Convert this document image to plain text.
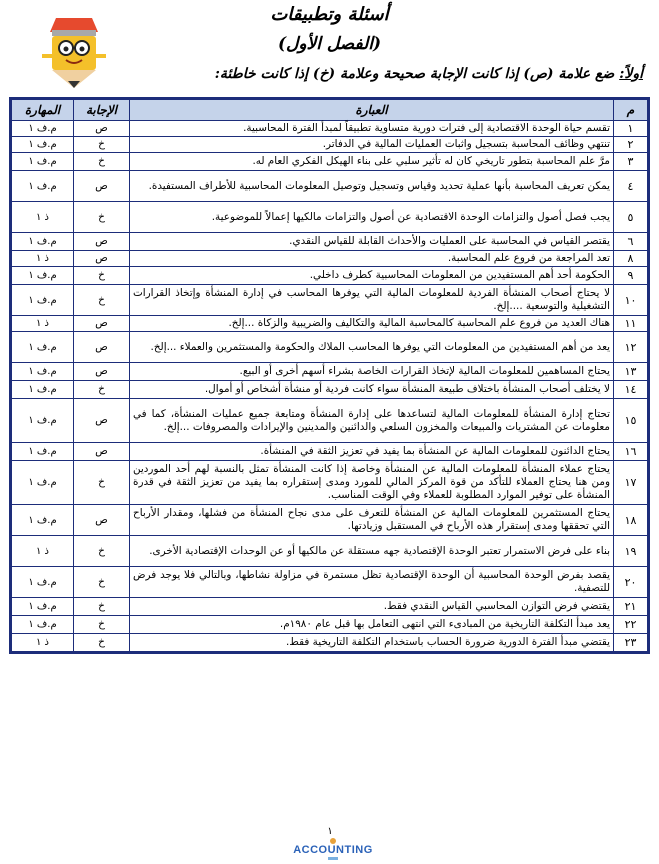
أسئلة وتطبيقات
(الفصل الأول)
أولاً: ضع علامة (ص) إذا كانت الإجابة صحيحة وعلامة (خ) إذا كانت خاطئة:
م	العبارة	الإجابة	المهارة
١	تقسم حياة الوحدة الاقتصادية إلى فترات دورية متساوية تطبيقاً لمبدأ الفترة المحاسبية.	ص	م.ف ١
٢	تنتهي وظائف المحاسبة بتسجيل واثبات العمليات المالية في الدفاتر.	خ	م.ف ١
٣	مرَّ علم المحاسبة بتطور تاريخي كان له تأثير سلبي على بناء الهيكل الفكري العام له.	خ	م.ف ١
٤	يمكن تعريف المحاسبة بأنها عملية تحديد وقياس وتسجيل وتوصيل المعلومات المحاسبية للأطراف المستفيدة.	ص	م.ف ١
٥	يجب فصل أصول والتزامات الوحدة الاقتصادية عن أصول والتزامات مالكيها إعمالاً للموضوعية.	خ	ذ ١
٦	يقتصر القياس في المحاسبة على العمليات والأحداث القابلة للقياس النقدي.	ص	م.ف ١
٨	تعد المراجعة من فروع علم المحاسبة.	ص	ذ ١
٩	الحكومة أحد أهم المستفيدين من المعلومات المحاسبية كطرف داخلي.	خ	م.ف ١
١٠	لا يحتاج أصحاب المنشأة الفردية للمعلومات المالية التي يوفرها المحاسب في إدارة المنشأة وإتخاذ القرارات التشغيلية والتوسعية ....إلخ.	خ	م.ف ١
١١	هناك العديد من فروع علم المحاسبة كالمحاسبة المالية والتكاليف والضريبية والزكاة ...إلخ.	ص	ذ ١
١٢	يعد من أهم المستفيدين من المعلومات التي يوفرها المحاسب الملاك والحكومة والمستثمرين والعملاء ...إلخ.	ص	م.ف ١
١٣	يحتاج المساهمين للمعلومات المالية لإتخاذ القرارات الخاصة بشراء أسهم أخرى أو البيع.	ص	م.ف ١
١٤	لا يختلف أصحاب المنشأة باختلاف طبيعة المنشأة سواء كانت فردية أو منشأة أشخاص أو أموال.	خ	م.ف ١
١٥	تحتاج إدارة المنشأة للمعلومات المالية لتساعدها على إدارة المنشأة ومتابعة جميع عمليات المنشأة، كما في معلومات عن المشتريات والمبيعات والمخزون السلعي والدائنين والمدينين والإيرادات والمصروفات ...إلخ.	ص	م.ف ١
١٦	يحتاج الدائنون للمعلومات المالية عن المنشأة بما يفيد في تعزيز الثقة في المنشأة.	ص	م.ف ١
١٧	يحتاج عملاء المنشأة للمعلومات المالية عن المنشأة وخاصة إذا كانت المنشأة تمثل بالنسبة لهم أحد الموردين ومن هنا يحتاج العملاء للتأكد من قوة المركز المالي للمورد ومدى إستقراره بما يفيد من تعزيز الثقة في قدرة المنشأة على توفير الموارد المطلوبة للعملاء وفي الوقت المناسب.	خ	م.ف ١
١٨	يحتاج المستثمرين للمعلومات المالية عن المنشأة للتعرف على مدى نجاح المنشأة من فشلها، ومقدار الأرباح التي تحققها ومدى إستقرار هذه الأرباح في المستقبل وزيادتها.	ص	م.ف ١
١٩	بناء على فرض الاستمرار تعتبر الوحدة الإقتصادية جهه مستقلة عن مالكيها أو عن الوحدات الإقتصادية الأخرى.	خ	ذ ١
٢٠	يقصد بفرض الوحدة المحاسبية أن الوحدة الإقتصادية تظل مستمرة في مزاولة نشاطها، وبالتالي فلا يوجد فرض للتصفية.	خ	م.ف ١
٢١	يقتضي فرض التوازن المحاسبي القياس النقدي فقط.	خ	م.ف ١
٢٢	يعد مبدأ التكلفة التاريخية من المبادىء التي انتهى التعامل بها قبل عام ١٩٨٠م.	خ	م.ف ١
٢٣	يقتضي مبدأ الفترة الدورية ضرورة الحساب باستخدام التكلفة التاريخية فقط.	خ	ذ ١
١
ACCOUNTING
